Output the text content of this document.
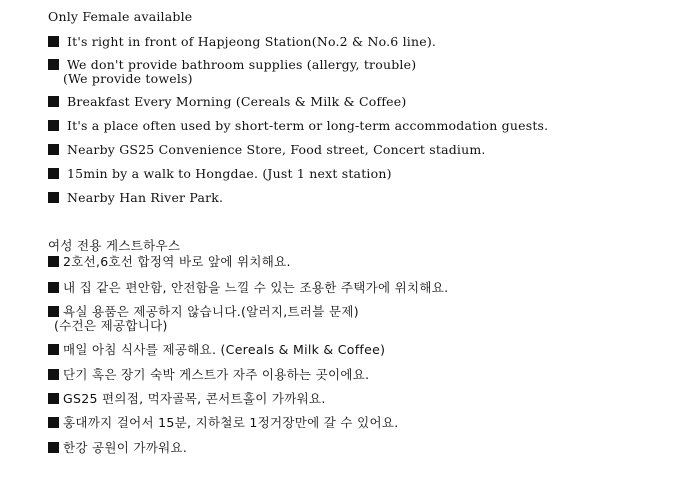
Only Female available
It's right in front of Hapjeong Station(No.2 & No.6 line).
We don't provide bathroom supplies (allergy, trouble)
(We provide towels)
Breakfast Every Morning (Cereals & Milk & Coffee)
It's a place often used by short-term or long-term accommodation guests.
Nearby GS25 Convenience Store, Food street, Concert stadium.
15min by a walk to Hongdae. (Just 1 next station)
Nearby Han River Park.
여성 전용 게스트하우스
2호선,6호선 합정역 바로 앞에 위치해요.
내 집 같은 편안함, 안전함을 느낄 수 있는 조용한 주택가에 위치해요.
욕실 용품은 제공하지 않습니다.(알러지,트러블 문제)
(수건은 제공합니다)
매일 아침 식사를 제공해요. (Cereals & Milk & Coffee)
단기 혹은 장기 숙박 게스트가 자주 이용하는 곳이에요.
GS25 편의점, 먹자골목, 콘서트홀이 가까워요.
홍대까지 걸어서 15분, 지하철로 1정거장만에 갈 수 있어요.
한강 공원이 가까워요.
